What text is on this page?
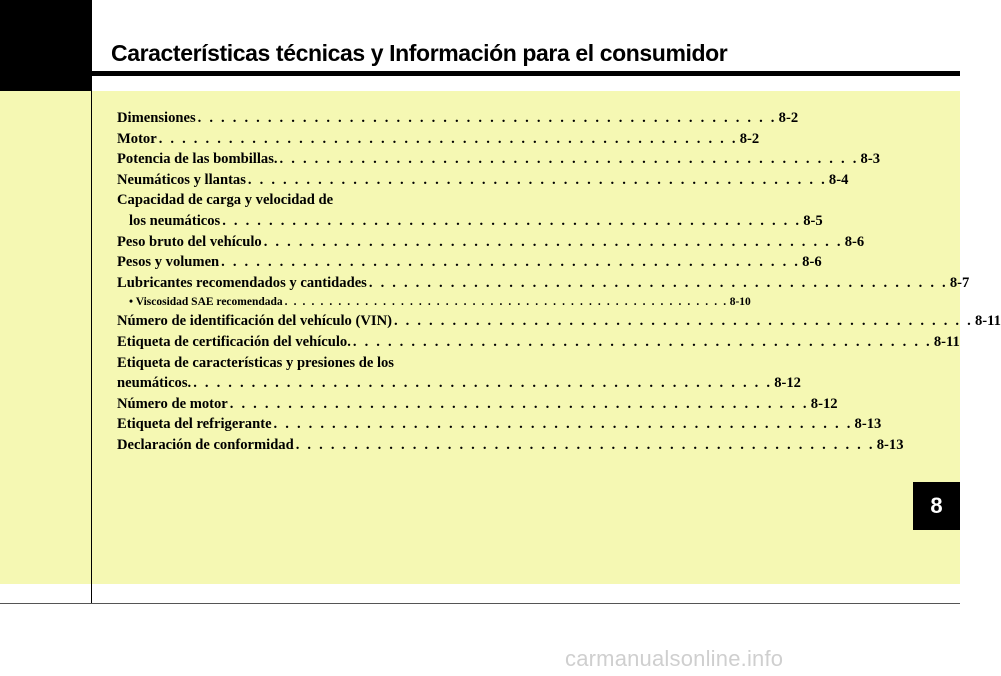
Características técnicas y Información para el consumidor
Dimensiones . . . . . . . . . . . . . . . . . . . . . . . . . . . . . . . . . . . . . . . . . . . . . . . . . . 8-2
Motor . . . . . . . . . . . . . . . . . . . . . . . . . . . . . . . . . . . . . . . . . . . . . . . . . . 8-2
Potencia de las bombillas. . . . . . . . . . . . . . . . . . . . . . . . . . . . . . . . . . . . . . . . . . . . . . . . . . . 8-3
Neumáticos y llantas . . . . . . . . . . . . . . . . . . . . . . . . . . . . . . . . . . . . . . . . . . . . . . . . . . 8-4
Capacidad de carga y velocidad de
los neumáticos . . . . . . . . . . . . . . . . . . . . . . . . . . . . . . . . . . . . . . . . . . . . . . . . . . 8-5
Peso bruto del vehículo . . . . . . . . . . . . . . . . . . . . . . . . . . . . . . . . . . . . . . . . . . . . . . . . . . 8-6
Pesos y volumen . . . . . . . . . . . . . . . . . . . . . . . . . . . . . . . . . . . . . . . . . . . . . . . . . . 8-6
Lubricantes recomendados y cantidades . . . . . . . . . . . . . . . . . . . . . . . . . . . . . . . . . . . . . . . . . . . . . . . . . . 8-7
• Viscosidad SAE recomendada . . . . . . . . . . . . . . . . . . . . . . . . . . . . . . . . . . . . . . . . . . . . . . . . . . 8-10
Número de identificación del vehículo (VIN) . . . . . . . . . . . . . . . . . . . . . . . . . . . . . . . . . . . . . . . . . . . . . . . . . . 8-11
Etiqueta de certificación del vehículo. . . . . . . . . . . . . . . . . . . . . . . . . . . . . . . . . . . . . . . . . . . . . . . . . . . 8-11
Etiqueta de características y presiones de los
neumáticos. . . . . . . . . . . . . . . . . . . . . . . . . . . . . . . . . . . . . . . . . . . . . . . . . . . 8-12
Número de motor . . . . . . . . . . . . . . . . . . . . . . . . . . . . . . . . . . . . . . . . . . . . . . . . . . 8-12
Etiqueta del refrigerante . . . . . . . . . . . . . . . . . . . . . . . . . . . . . . . . . . . . . . . . . . . . . . . . . . 8-13
Declaración de conformidad . . . . . . . . . . . . . . . . . . . . . . . . . . . . . . . . . . . . . . . . . . . . . . . . . . 8-13
8
carmanualsonline.info
